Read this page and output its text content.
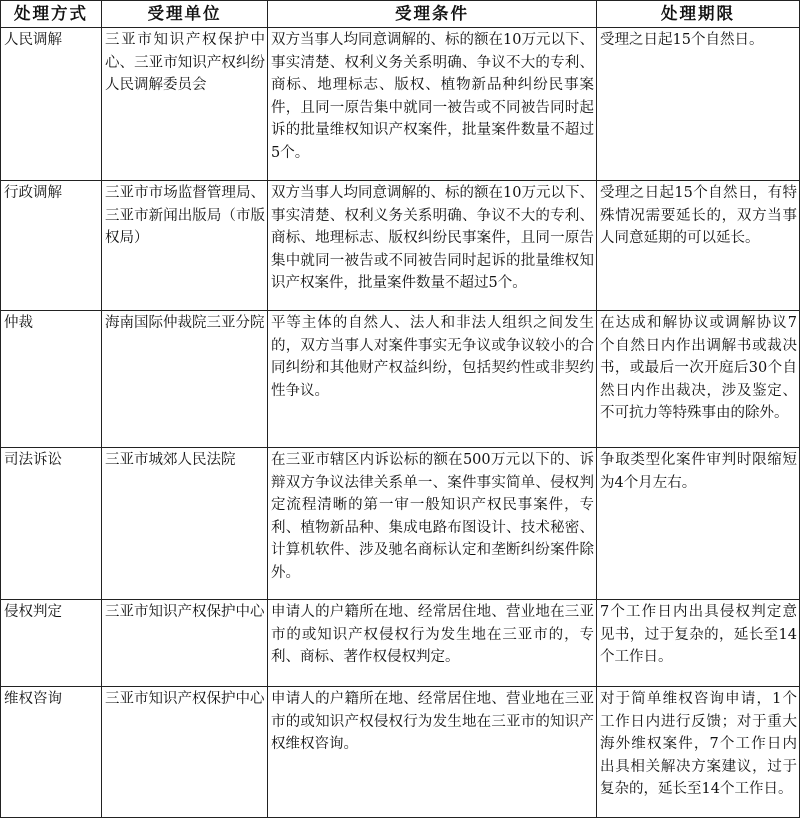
处理方式	受理单位	受理条件	处理期限
人民调解	三亚市知识产权保护中心、三亚市知识产权纠纷人民调解委员会	双方当事人均同意调解的、标的额在10万元以下、事实清楚、权利义务关系明确、争议不大的专利、商标、地理标志、版权、植物新品种纠纷民事案件，且同一原告集中就同一被告或不同被告同时起诉的批量维权知识产权案件，批量案件数量不超过5个。	受理之日起15个自然日。
行政调解	三亚市市场监督管理局、三亚市新闻出版局（市版权局）	双方当事人均同意调解的、标的额在10万元以下、事实清楚、权利义务关系明确、争议不大的专利、商标、地理标志、版权纠纷民事案件，且同一原告集中就同一被告或不同被告同时起诉的批量维权知识产权案件，批量案件数量不超过5个。	受理之日起15个自然日，有特殊情况需要延长的，双方当事人同意延期的可以延长。
仲裁	海南国际仲裁院三亚分院	平等主体的自然人、法人和非法人组织之间发生的，双方当事人对案件事实无争议或争议较小的合同纠纷和其他财产权益纠纷，包括契约性或非契约性争议。	在达成和解协议或调解协议7个自然日内作出调解书或裁决书，或最后一次开庭后30个自然日内作出裁决，涉及鉴定、不可抗力等特殊事由的除外。
司法诉讼	三亚市城郊人民法院	在三亚市辖区内诉讼标的额在500万元以下的、诉辩双方争议法律关系单一、案件事实简单、侵权判定流程清晰的第一审一般知识产权民事案件，专利、植物新品种、集成电路布图设计、技术秘密、计算机软件、涉及驰名商标认定和垄断纠纷案件除外。	争取类型化案件审判时限缩短为4个月左右。
侵权判定	三亚市知识产权保护中心	申请人的户籍所在地、经常居住地、营业地在三亚市的或知识产权侵权行为发生地在三亚市的，专利、商标、著作权侵权判定。	7个工作日内出具侵权判定意见书，过于复杂的，延长至14个工作日。
维权咨询	三亚市知识产权保护中心	申请人的户籍所在地、经常居住地、营业地在三亚市的或知识产权侵权行为发生地在三亚市的知识产权维权咨询。	对于简单维权咨询申请，1个工作日内进行反馈；对于重大海外维权案件，7个工作日内出具相关解决方案建议，过于复杂的，延长至14个工作日。
